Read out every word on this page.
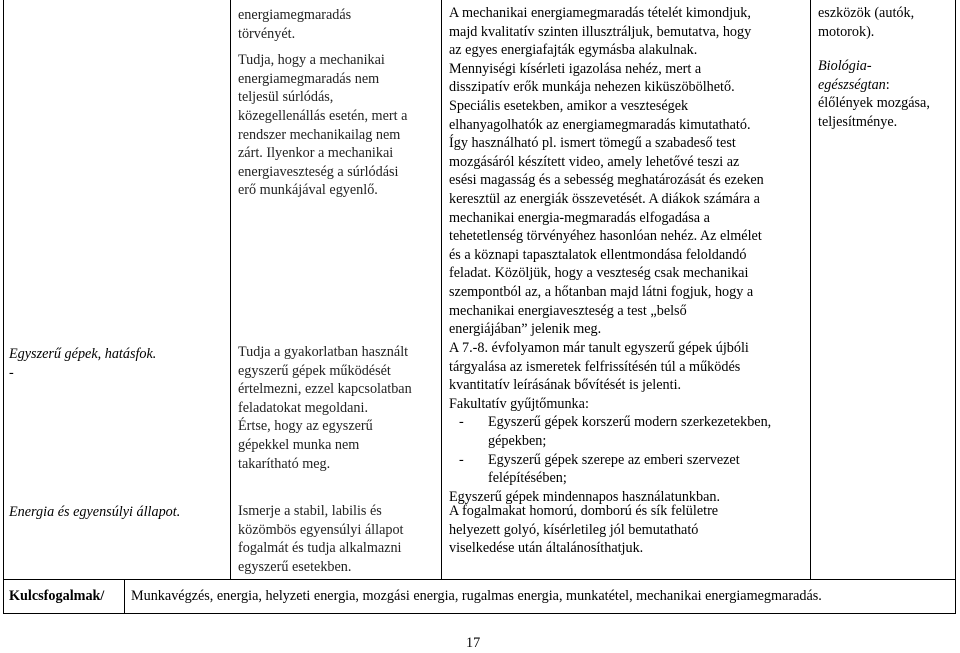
Egyszerű gépek, hatásfok.

-

Energia és egyensúlyi állapot.

energiamegmaradás

törvényét.

Tudja, hogy a mechanikai

energiamegmaradás nem

teljesül súrlódás,

közegellenállás esetén, mert a

rendszer mechanikailag nem

zárt. Ilyenkor a mechanikai

energiaveszteség a súrlódási

erő munkájával egyenlő.

Tudja a gyakorlatban használt

egyszerű gépek működését

értelmezni, ezzel kapcsolatban

feladatokat megoldani.

Értse, hogy az egyszerű

gépekkel munka nem

takarítható meg.

Ismerje a stabil, labilis és

közömbös egyensúlyi állapot

fogalmát és tudja alkalmazni

egyszerű esetekben.

A mechanikai energiamegmaradás tételét kimondjuk,

majd kvalitatív szinten illusztráljuk, bemutatva, hogy

az egyes energiafajták egymásba alakulnak.

Mennyiségi kísérleti igazolása nehéz, mert a

disszipatív erők munkája nehezen kiküszöbölhető.

Speciális esetekben, amikor a veszteségek

elhanyagolhatók az energiamegmaradás kimutatható.

Így használható pl. ismert tömegű a szabadeső test

mozgásáról készített video, amely lehetővé teszi az

esési magasság és a sebesség meghatározását és ezeken

keresztül az energiák összevetését. A diákok számára a

mechanikai energia-megmaradás elfogadása a

tehetetlenség törvényéhez hasonlóan nehéz. Az elmélet

és a köznapi tapasztalatok ellentmondása feloldandó

feladat. Közöljük, hogy a veszteség csak mechanikai

szempontból az, a hőtanban majd látni fogjuk, hogy a

mechanikai energiaveszteség a test „belső

energiájában” jelenik meg.

A 7.-8. évfolyamon már tanult egyszerű gépek újbóli

tárgyalása az ismeretek felfrissítésén túl a működés

kvantitatív leírásának bővítését is jelenti.

Fakultatív gyűjtőmunka:

- Egyszerű gépek korszerű modern szerkezetekben,
gépekben;
- Egyszerű gépek szerepe az emberi szervezet
felépítésében;

Egyszerű gépek mindennapos használatunkban.

A fogalmakat homorú, domború és sík felületre

helyezett golyó, kísérletileg jól bemutatható

viselkedése után általánosíthatjuk.

eszközök (autók,

motorok).

Biológia-

egészségtan:

élőlények mozgása,

teljesítménye.

Kulcsfogalmak/	Munkavégzés, energia, helyzeti energia, mozgási energia, rugalmas energia, munkatétel, mechanikai energiamegmaradás.
17
